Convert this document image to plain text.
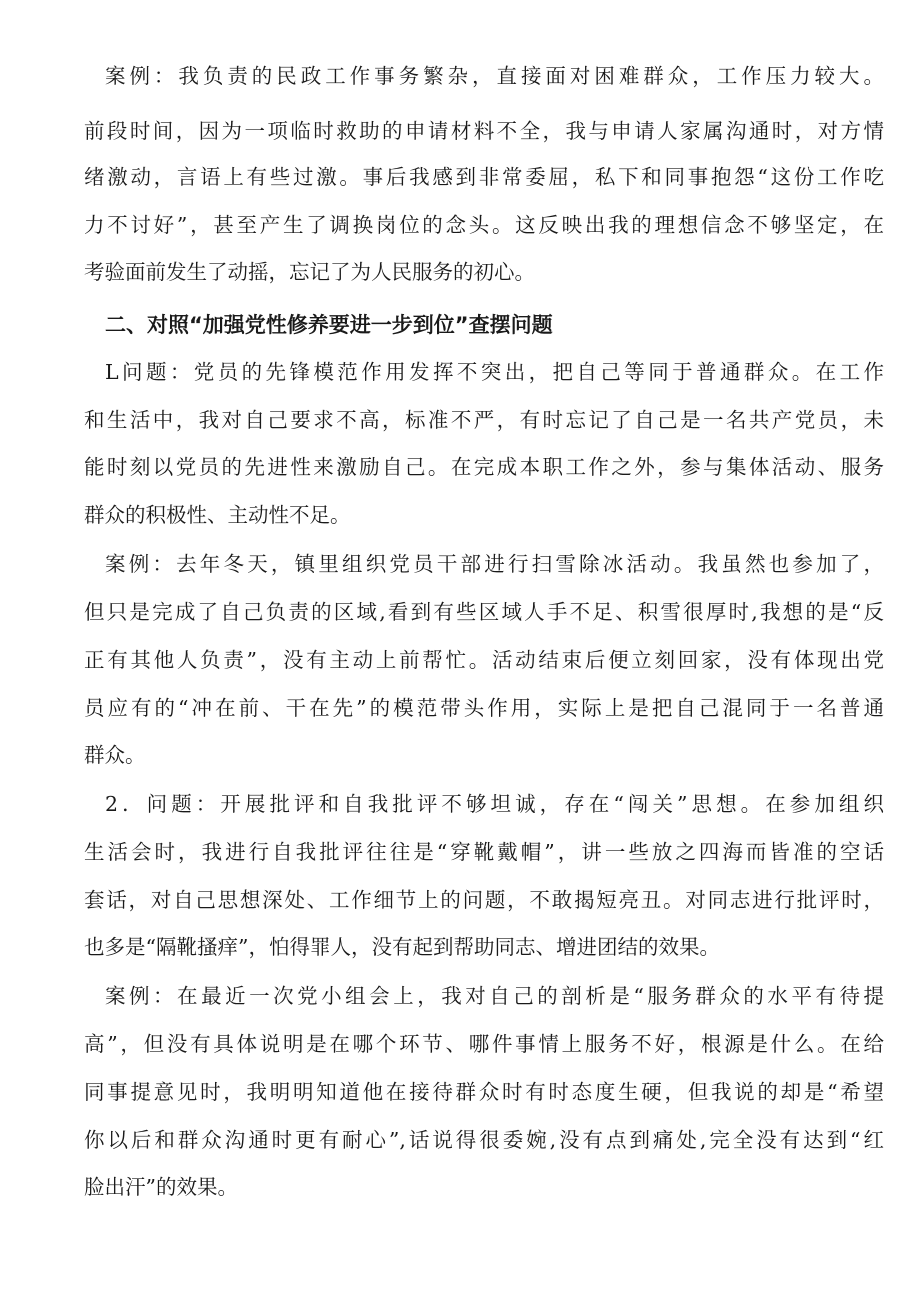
案例：我负责的民政工作事务繁杂，直接面对困难群众，工作压力较大。
前段时间，因为一项临时救助的申请材料不全，我与申请人家属沟通时，对方情
绪激动，言语上有些过激。事后我感到非常委屈，私下和同事抱怨“这份工作吃
力不讨好”，甚至产生了调换岗位的念头。这反映出我的理想信念不够坚定，在
考验面前发生了动摇，忘记了为人民服务的初心。
二、对照“加强党性修养要进一步到位”查摆问题
L问题：党员的先锋模范作用发挥不突出，把自己等同于普通群众。在工作
和生活中，我对自己要求不高，标准不严，有时忘记了自己是一名共产党员，未
能时刻以党员的先进性来激励自己。在完成本职工作之外，参与集体活动、服务
群众的积极性、主动性不足。
案例：去年冬天，镇里组织党员干部进行扫雪除冰活动。我虽然也参加了，
但只是完成了自己负责的区域,看到有些区域人手不足、积雪很厚时,我想的是“反
正有其他人负责”，没有主动上前帮忙。活动结束后便立刻回家，没有体现出党
员应有的“冲在前、干在先”的模范带头作用，实际上是把自己混同于一名普通
群众。
2．问题：开展批评和自我批评不够坦诚，存在“闯关”思想。在参加组织
生活会时，我进行自我批评往往是“穿靴戴帽”，讲一些放之四海而皆准的空话
套话，对自己思想深处、工作细节上的问题，不敢揭短亮丑。对同志进行批评时，
也多是“隔靴搔痒”，怕得罪人，没有起到帮助同志、增进团结的效果。
案例：在最近一次党小组会上，我对自己的剖析是“服务群众的水平有待提
高”，但没有具体说明是在哪个环节、哪件事情上服务不好，根源是什么。在给
同事提意见时，我明明知道他在接待群众时有时态度生硬，但我说的却是“希望
你以后和群众沟通时更有耐心”,话说得很委婉,没有点到痛处,完全没有达到“红
脸出汗”的效果。
